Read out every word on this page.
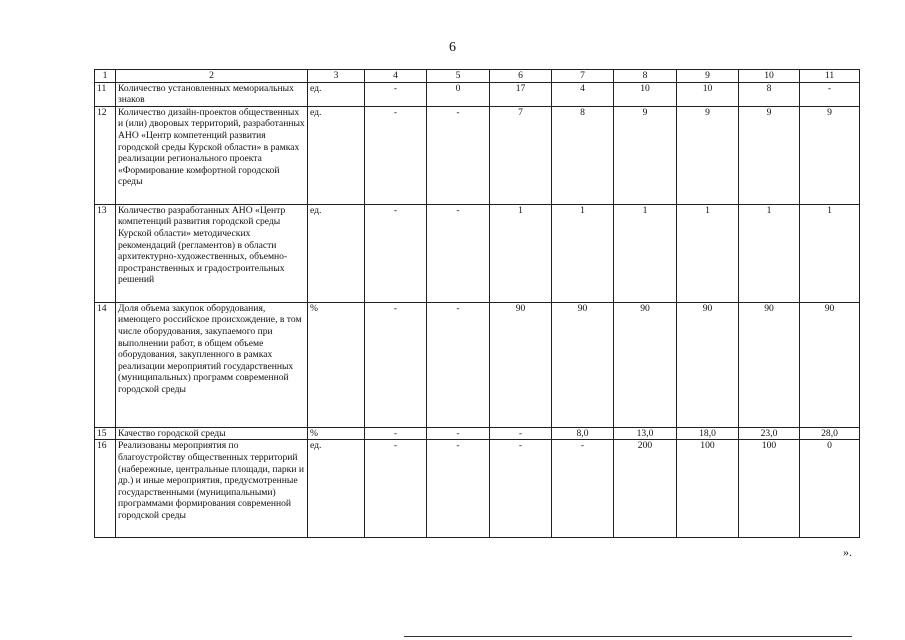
6
1	2	3	4	5	6	7	8	9	10	11
11	Количество установленных мемориальных знаков	ед.	-	0	17	4	10	10	8	-
12	Количество дизайн-проектов общественных и (или) дворовых территорий, разработанных АНО «Центр компетенций развития городской среды Курской области» в рамках реализации регионального проекта «Формирование комфортной городской среды	ед.	-	-	7	8	9	9	9	9
13	Количество разработанных АНО «Центр компетенций развития городской среды Курской области» методических рекомендаций (регламентов) в области архитектурно-художественных, объемно-пространственных и градостроительных решений	ед.	-	-	1	1	1	1	1	1
14	Доля объема закупок оборудования, имеющего российское происхождение, в том числе оборудования, закупаемого при выполнении работ, в общем объеме оборудования, закупленного в рамках реализации мероприятий государственных (муниципальных) программ современной городской среды	%	-	-	90	90	90	90	90	90
15	Качество городской среды	%	-	-	-	8,0	13,0	18,0	23,0	28,0
16	Реализованы мероприятия по благоустройству общественных территорий (набережные, центральные площади, парки и др.) и иные мероприятия, предусмотренные государственными (муниципальными) программами формирования современной городской среды	ед.	-	-	-	-	200	100	100	0
».
